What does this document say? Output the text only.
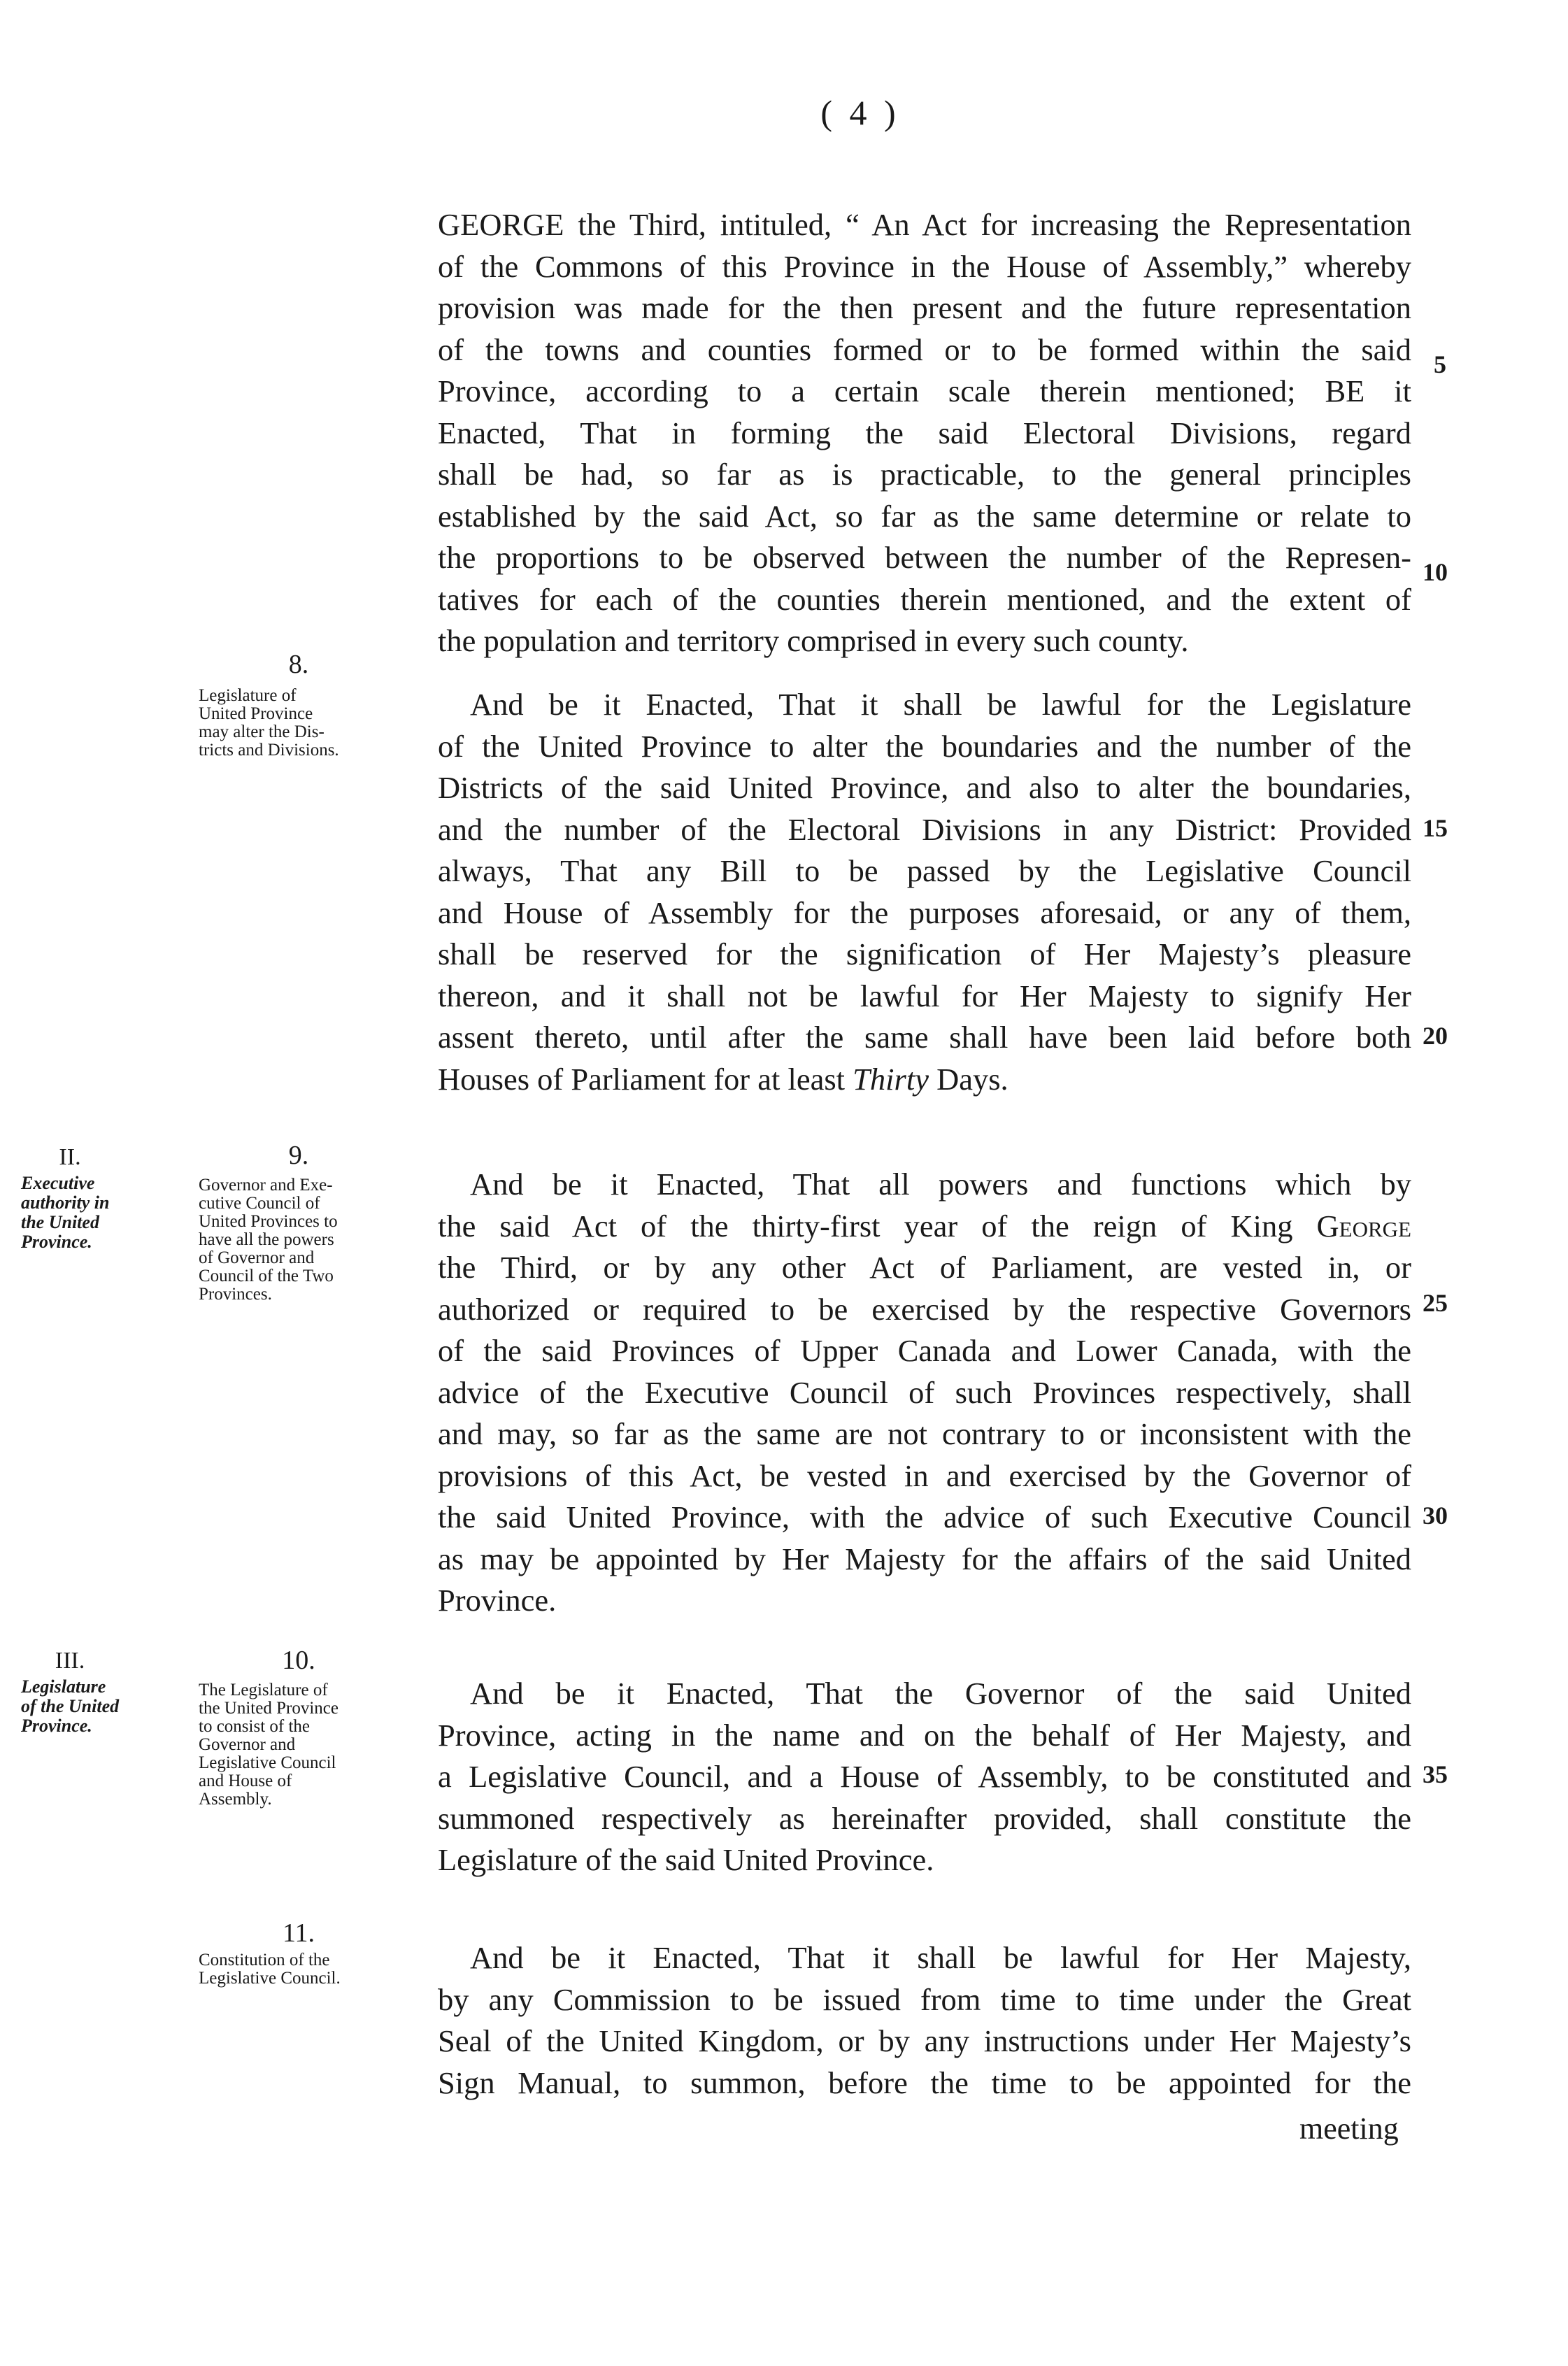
( 4 )
GEORGE the Third, intituled, “ An Act for increasing the Representation
of the Commons of this Province in the House of Assembly,” whereby
provision was made for the then present and the future representation
of the towns and counties formed or to be formed within the said
Province, according to a certain scale therein mentioned; BE it
Enacted, That in forming the said Electoral Divisions, regard
shall be had, so far as is practicable, to the general principles
established by the said Act, so far as the same determine or relate to
the proportions to be observed between the number of the Represen-
tatives for each of the counties therein mentioned, and the extent of
the population and territory comprised in every such county.
8.
Legislature of
United Province
may alter the Dis-
tricts and Divisions.
And be it Enacted, That it shall be lawful for the Legislature
of the United Province to alter the boundaries and the number of the
Districts of the said United Province, and also to alter the boundaries,
and the number of the Electoral Divisions in any District: Provided
always, That any Bill to be passed by the Legislative Council
and House of Assembly for the purposes aforesaid, or any of them,
shall be reserved for the signification of Her Majesty’s pleasure
thereon, and it shall not be lawful for Her Majesty to signify Her
assent thereto, until after the same shall have been laid before both
Houses of Parliament for at least Thirty Days.
II.
Executive
authority in
the United
Province.
9.
Governor and Exe-
cutive Council of
United Provinces to
have all the powers
of Governor and
Council of the Two
Provinces.
And be it Enacted, That all powers and functions which by
the said Act of the thirty-first year of the reign of King George
the Third, or by any other Act of Parliament, are vested in, or
authorized or required to be exercised by the respective Governors
of the said Provinces of Upper Canada and Lower Canada, with the
advice of the Executive Council of such Provinces respectively, shall
and may, so far as the same are not contrary to or inconsistent with the
provisions of this Act, be vested in and exercised by the Governor of
the said United Province, with the advice of such Executive Council
as may be appointed by Her Majesty for the affairs of the said United
Province.
III.
Legislature
of the United
Province.
10.
The Legislature of
the United Province
to consist of the
Governor and
Legislative Council
and House of
Assembly.
And be it Enacted, That the Governor of the said United
Province, acting in the name and on the behalf of Her Majesty, and
a Legislative Council, and a House of Assembly, to be constituted and
summoned respectively as hereinafter provided, shall constitute the
Legislature of the said United Province.
11.
Constitution of the
Legislative Council.
And be it Enacted, That it shall be lawful for Her Majesty,
by any Commission to be issued from time to time under the Great
Seal of the United Kingdom, or by any instructions under Her Majesty’s
Sign Manual, to summon, before the time to be appointed for the
meeting
5
10
15
20
25
30
35
